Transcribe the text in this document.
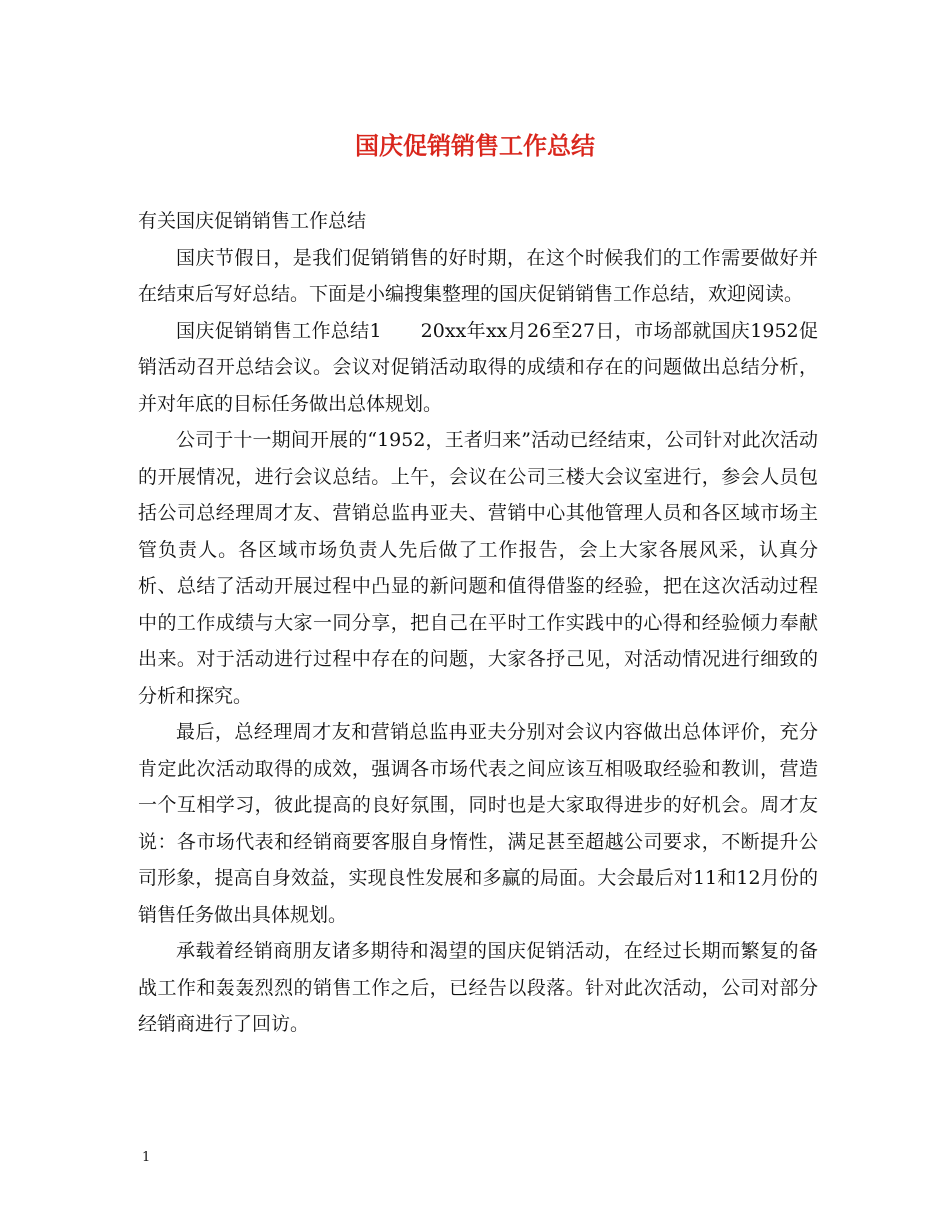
国庆促销销售工作总结

有关国庆促销销售工作总结

国庆节假日，是我们促销销售的好时期，在这个时候我们的工作需要做好并在结束后写好总结。下面是小编搜集整理的国庆促销销售工作总结，欢迎阅读。

国庆促销销售工作总结1　　20xx年xx月26至27日，市场部就国庆1952促销活动召开总结会议。会议对促销活动取得的成绩和存在的问题做出总结分析，并对年底的目标任务做出总体规划。

公司于十一期间开展的“1952，王者归来”活动已经结束，公司针对此次活动的开展情况，进行会议总结。上午，会议在公司三楼大会议室进行，参会人员包括公司总经理周才友、营销总监冉亚夫、营销中心其他管理人员和各区域市场主管负责人。各区域市场负责人先后做了工作报告，会上大家各展风采，认真分析、总结了活动开展过程中凸显的新问题和值得借鉴的经验，把在这次活动过程中的工作成绩与大家一同分享，把自己在平时工作实践中的心得和经验倾力奉献出来。对于活动进行过程中存在的问题，大家各抒己见，对活动情况进行细致的分析和探究。

最后，总经理周才友和营销总监冉亚夫分别对会议内容做出总体评价，充分肯定此次活动取得的成效，强调各市场代表之间应该互相吸取经验和教训，营造一个互相学习，彼此提高的良好氛围，同时也是大家取得进步的好机会。周才友说：各市场代表和经销商要客服自身惰性，满足甚至超越公司要求，不断提升公司形象，提高自身效益，实现良性发展和多赢的局面。大会最后对11和12月份的销售任务做出具体规划。

承载着经销商朋友诸多期待和渴望的国庆促销活动，在经过长期而繁复的备战工作和轰轰烈烈的销售工作之后，已经告以段落。针对此次活动，公司对部分经销商进行了回访。

1
